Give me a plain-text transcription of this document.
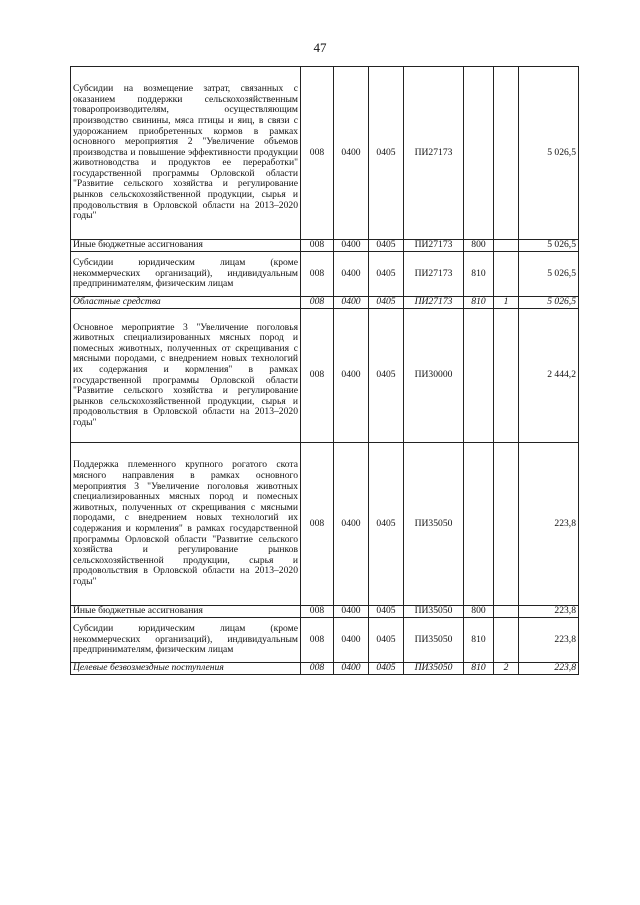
47
Субсидии на возмещение затрат, связанных с оказанием поддержки сельскохозяйственным товаропроизводителям, осуществляющим производство свинины, мяса птицы и яиц, в связи с удорожанием приобретенных кормов в рамках основного мероприятия 2 "Увеличение объемов производства и повышение эффективности продукции животноводства и продуктов ее переработки" государственной программы Орловской области "Развитие сельского хозяйства и регулирование рынков сельскохозяйственной продукции, сырья и продовольствия в Орловской области на 2013–2020 годы"	008	0400	0405	ПИ27173			5 026,5
Иные бюджетные ассигнования	008	0400	0405	ПИ27173	800		5 026,5
Субсидии юридическим лицам (кроме некоммерческих организаций), индивидуальным предпринимателям, физическим лицам	008	0400	0405	ПИ27173	810		5 026,5
Областные средства	008	0400	0405	ПИ27173	810	1	5 026,5
Основное мероприятие 3 "Увеличение поголовья животных специализированных мясных пород и помесных животных, полученных от скрещивания с мясными породами, с внедрением новых технологий их содержания и кормления" в рамках государственной программы Орловской области "Развитие сельского хозяйства и регулирование рынков сельскохозяйственной продукции, сырья и продовольствия в Орловской области на 2013–2020 годы"	008	0400	0405	ПИ30000			2 444,2
Поддержка племенного крупного рогатого скота мясного направления в рамках основного мероприятия 3 "Увеличение поголовья животных специализированных мясных пород и помесных животных, полученных от скрещивания с мясными породами, с внедрением новых технологий их содержания и кормления" в рамках государственной программы Орловской области "Развитие сельского хозяйства и регулирование рынков сельскохозяйственной продукции, сырья и продовольствия в Орловской области на 2013–2020 годы"	008	0400	0405	ПИ35050			223,8
Иные бюджетные ассигнования	008	0400	0405	ПИ35050	800		223,8
Субсидии юридическим лицам (кроме некоммерческих организаций), индивидуальным предпринимателям, физическим лицам	008	0400	0405	ПИ35050	810		223,8
Целевые безвозмездные поступления	008	0400	0405	ПИ35050	810	2	223,8
